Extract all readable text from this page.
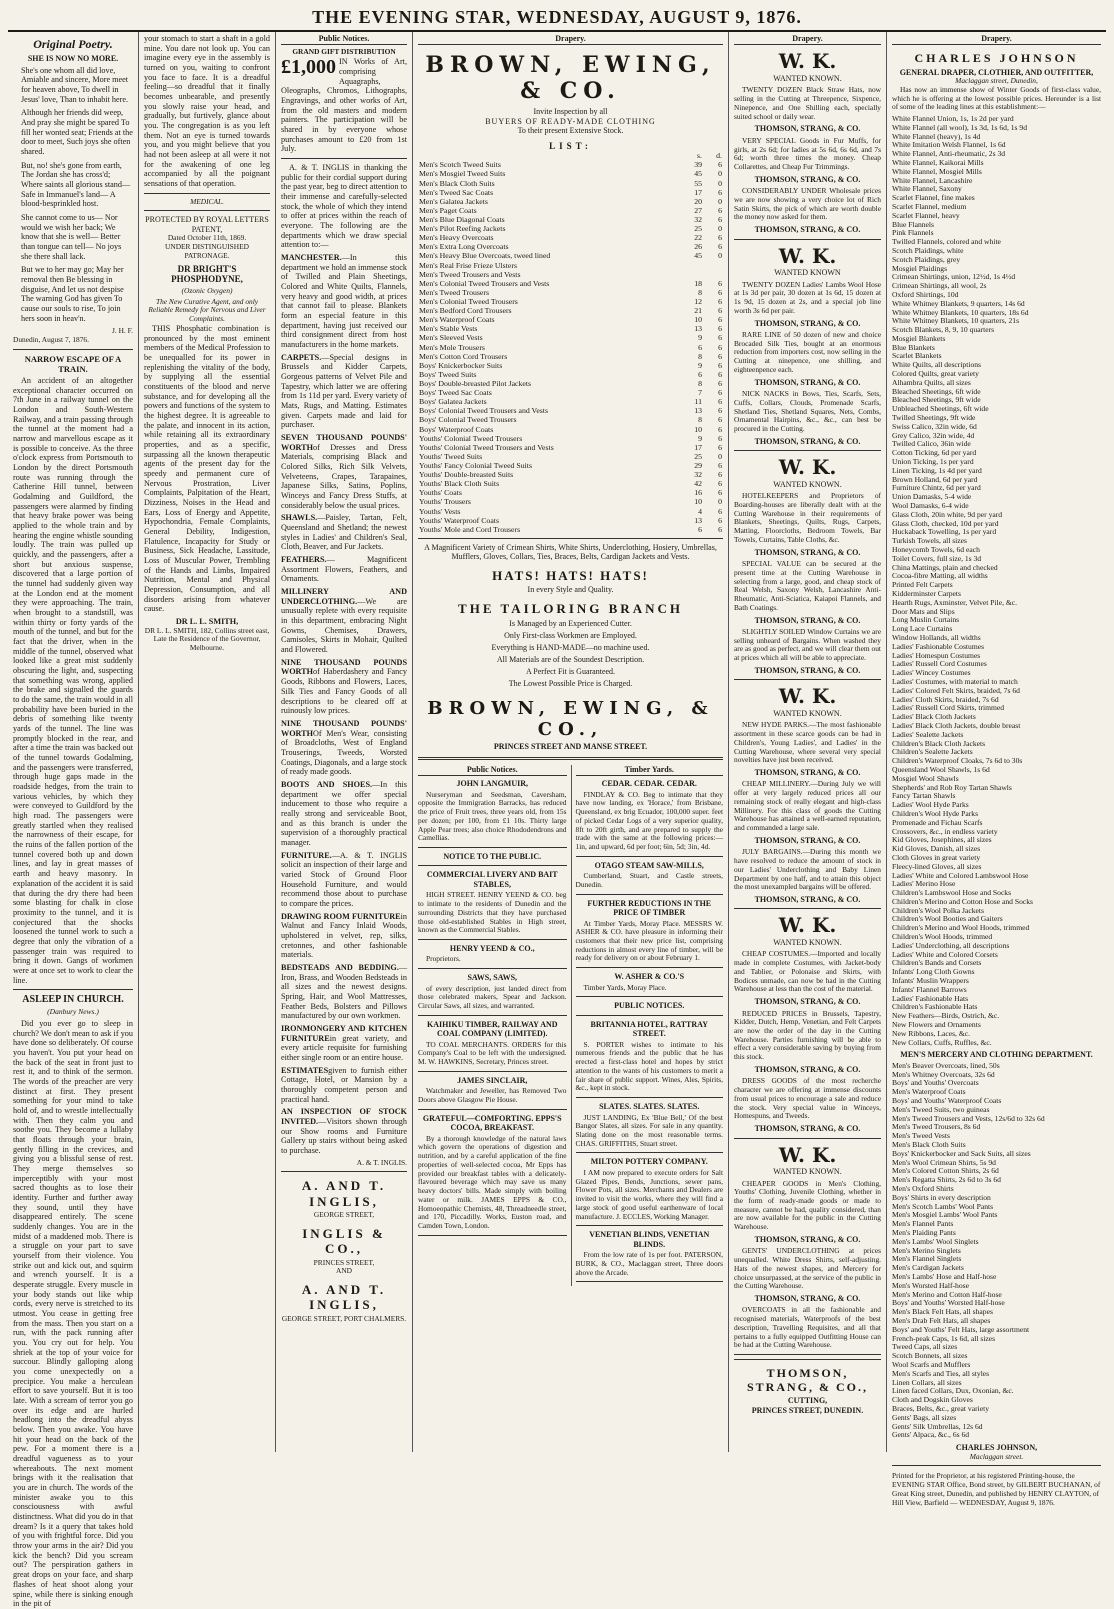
THE EVENING STAR, WEDNESDAY, AUGUST 9, 1876.
Original Poetry.
SHE IS NOW NO MORE.

She's one whom all did love, Amiable and sincere, More meet for heaven above, To dwell in Jesus' love, Than to inhabit here.

Although her friends did weep, And pray she might be spared To fill her wonted seat; Friends at the door to meet, Such joys she often shared.

But, no! she's gone from earth, The Jordan she has cross'd; Where saints all glorious stand— Safe in Immanuel's land— A blood-besprinkled host.

She cannot come to us— Nor would we wish her back; We know that she is well— Better than tongue can tell— No joys she there shall lack.

But we to her may go; May her removal then Be blessing in disguise, And let us not despise The warning God has given To cause our souls to rise, To join hers soon in heav'n.

J. H. F.
Dunedin, August 7, 1876.
NARROW ESCAPE OF A TRAIN.

An accident of an altogether exceptional character occurred on 7th June in a railway tunnel on the London and South-Western Railway, and a train passing through the tunnel at the moment had a narrow and marvellous escape as it is possible to conceive. As the three o'clock express from Portsmouth to London by the direct Portsmouth route was running through the Catherine Hill tunnel, between Godalming and Guildford, the passengers were alarmed by finding that heavy brake power was being applied to the whole train and by hearing the engine whistle sounding loudly. The train was pulled up quickly, and the passengers, after a short but anxious suspense, discovered that a large portion of the tunnel had suddenly given way at the London end at the moment they were approaching. The train, when brought to a standstill, was within thirty or forty yards of the mouth of the tunnel, and but for the fact that the driver, when in the middle of the tunnel, observed what looked like a great mist suddenly obscuring the light, and, suspecting that something was wrong, applied the brake and signalled the guards to do the same, the train would in all probability have been buried in the debris of something like twenty yards of the tunnel. The line was promptly blocked in the rear, and after a time the train was backed out of the tunnel towards Godalming, and the passengers were transferred, through huge gaps made in the roadside hedges, from the train to various vehicles, by which they were conveyed to Guildford by the high road. The passengers were greatly startled when they realised the narrowness of their escape, for the ruins of the fallen portion of the tunnel covered both up and down lines, and lay in great masses of earth and heavy masonry. In explanation of the accident it is said that during the dry there had been some blasting for chalk in close proximity to the tunnel, and it is conjectured that the shocks loosened the tunnel work to such a degree that only the vibration of a passenger train was required to bring it down. Gangs of workmen were at once set to work to clear the line.

ASLEEP IN CHURCH.
(Danbury News.)

Did you ever go to sleep in church? We don't mean to ask if you have done so deliberately. Of course you haven't. You put your head on the back of the seat in front just to rest it, and to think of the sermon. The words of the preacher are very distinct at first. They present something for your mind to take hold of, and to wrestle intellectually with. Then they calm you and soothe you. They become a lullaby that floats through your brain, gently filling in the crevices, and giving you a blissful sense of rest. They merge themselves so imperceptibly with your most sacred thoughts as to lose their identity. Further and further away they sound, until they have disappeared entirely. The scene suddenly changes. You are in the midst of a maddened mob. There is a struggle on your part to save yourself from their violence. You strike out and kick out, and squirm and wrench yourself. It is a desperate struggle. Every muscle in your body stands out like whip cords, every nerve is stretched to its utmost. You cease in getting free from the mass. Then you start on a run, with the pack running after you. You cry out for help. You shriek at the top of your voice for succour. Blindly galloping along you come unexpectedly on a precipice. You make a herculean effort to save yourself. But it is too late. With a scream of terror you go over its edge and are hurled headlong into the dreadful abyss below. Then you awake. You have hit your head on the back of the pew. For a moment there is a dreadful vagueness as to your whereabouts. The next moment brings with it the realisation that you are in church. The words of the minister awake you to this consciousness with awful distinctness. What did you do in that dream? Is it a query that takes hold of you with frightful force. Did you throw your arms in the air? Did you kick the bench? Did you scream out? The perspiration gathers in great drops on your face, and sharp flashes of heat shoot along your spine, while there is sinking enough in the pit of

your stomach to start a shaft in a gold mine. You dare not look up. You can imagine every eye in the assembly is turned on you, waiting to confront you face to face. It is a dreadful feeling—so dreadful that it finally becomes unbearable, and presently you slowly raise your head, and gradually, but furtively, glance about you. The congregation is as you left them. Not an eye is turned towards you, and you might believe that you had not been asleep at all were it not for the awakening of one leg accompanied by all the poignant sensations of that operation.

MEDICAL.
PROTECTED BY ROYAL LETTERS PATENT,
Dated October 11th, 1869.
UNDER DISTINGUISHED PATRONAGE.
DR BRIGHT'S PHOSPHODYNE,
(Ozonic Oxygen)
The New Curative Agent, and only Reliable Remedy for Nervous and Liver Complaints.

THIS Phosphatic combination is pronounced by the most eminent members of the Medical Profession to be unequalled for its power in replenishing the vitality of the body, by supplying all the essential constituents of the blood and nerve substance, and for developing all the powers and functions of the system to the highest degree. It is agreeable to the palate, and innocent in its action, while retaining all its extraordinary properties, and as a specific, surpassing all the known therapeutic agents of the present day for the speedy and permanent cure of Nervous Prostration, Liver Complaints, Palpitation of the Heart, Dizziness, Noises in the Head and Ears, Loss of Energy and Appetite, Hypochondria, Female Complaints, General Debility, Indigestion, Flatulence, Incapacity for Study or Business, Sick Headache, Lassitude, Loss of Muscular Power, Trembling of the Hands and Limbs, Impaired Nutrition, Mental and Physical Depression, Consumption, and all disorders arising from whatever cause.

DR L. L. SMITH,
DR L. L. SMITH, 182, Collins street east, Late the Residence of the Governor, Melbourne.
Public Notices.
GRAND GIFT DISTRIBUTION
£1,000 IN Works of Art, comprising Aquagraphs, Oleographs, Chromos, Lithographs, Engravings, and other works of Art, from the old masters and modern painters. The participation will be shared in by everyone whose purchases amount to £20 from 1st July.

A. & T. INGLIS in thanking the public for their cordial support during the past year, beg to direct attention to their immense and carefully-selected stock, the whole of which they intend to offer at prices within the reach of everyone. The following are the departments which we draw special attention to:—

MANCHESTER.—In this department we hold an immense stock of Twilled and Plain Sheetings, Colored and White Quilts, Flannels, very heavy and good width, at prices that cannot fail to please. Blankets form an especial feature in this department, having just received our third consignment direct from host manufacturers in the home markets.

CARPETS.—Special designs in Brussels and Kidder Carpets, Gorgeous patterns of Velvet Pile and Tapestry, which latter we are offering from 1s 11d per yard. Every variety of Mats, Rugs, and Matting. Estimates given. Carpets made and laid for purchaser.

SEVEN THOUSAND POUNDS' WORTHof Dresses and Dress Materials, comprising Black and Colored Silks, Rich Silk Velvets, Velveteens, Crapes, Tarapaines, Japanese Silks, Satins, Poplins, Winceys and Fancy Dress Stuffs, at considerably below the usual prices.

SHAWLS.—Paisley, Tartan, Felt, Queensland and Shetland; the newest styles in Ladies' and Children's Seal, Cloth, Beaver, and Fur Jackets.

FEATHERS.— Magnificent Assortment Flowers, Feathers, and Ornaments.

MILLINERY AND UNDERCLOTHING.—We are unusually replete with every requisite in this department, embracing Night Gowns, Chemises, Drawers, Camisoles, Skirts in Mohair, Quilted and Flowered.

NINE THOUSAND POUNDS WORTHof Haberdashery and Fancy Goods, Ribbons and Flowers, Laces, Silk Ties and Fancy Goods of all descriptions to be cleared off at ruinously low prices.

NINE THOUSAND POUNDS' WORTHOf Men's Wear, consisting of Broadcloths, West of England Trouserings, Tweeds, Worsted Coatings, Diagonals, and a large stock of ready made goods.

BOOTS AND SHOES.—In this department we offer special inducement to those who require a really strong and serviceable Boot, and as this branch is under the supervision of a thoroughly practical manager.

FURNITURE.—A. & T. INGLIS solicit an inspection of their large and varied Stock of Ground Floor Household Furniture, and would recommend those about to purchase to compare the prices.

DRAWING ROOM FURNITUREin Walnut and Fancy Inlaid Woods, upholstered in velvet, rep, silks, cretonnes, and other fashionable materials.

BEDSTEADS AND BEDDING.— Iron, Brass, and Wooden Bedsteads in all sizes and the newest designs. Spring, Hair, and Wool Mattresses, Feather Beds, Bolsters and Pillows manufactured by our own workmen.

IRONMONGERY AND KITCHEN FURNITUREin great variety, and every article requisite for furnishing either single room or an entire house.

ESTIMATESgiven to furnish either Cottage, Hotel, or Mansion by a thoroughly competent person and practical hand.

AN INSPECTION OF STOCK INVITED.—Visitors shown through our Show rooms and Furniture Gallery up stairs without being asked to purchase.

A. & T. INGLIS.
A. AND T. INGLIS,
GEORGE STREET,
INGLIS & CO.,
PRINCES STREET,
AND
A. AND T. INGLIS,
GEORGE STREET, PORT CHALMERS.
Drapery.
BROWN, EWING, & CO.
Invite Inspection by all
BUYERS OF READY-MADE CLOTHING
To their present Extensive Stock.
LIST:
	s.	d.
Men's Scotch Tweed Suits	39	6
Men's Mosgiel Tweed Suits	45	0
Men's Black Cloth Suits	55	0
Men's Tweed Sac Coats	17	6
Men's Galatea Jackets	20	0
Men's Paget Coats	27	6
Men's Blue Diagonal Coats	32	6
Men's Pilot Reefing Jackets	25	0
Men's Heavy Overcoats	22	6
Men's Extra Long Overcoats	26	6
Men's Heavy Blue Overcoats, tweed lined	45	0
Men's Real Frise Frieze Ulsters		
Men's Tweed Trousers and Vests		
Men's Colonial Tweed Trousers and Vests	18	6
Men's Tweed Trousers	8	6
Men's Colonial Tweed Trousers	12	6
Men's Bedford Cord Trousers	21	6
Men's Waterproof Coats	10	6
Men's Stable Vests	13	6
Men's Sleeved Vests	9	6
Men's Mole Trousers	6	6
Men's Cotton Cord Trousers	8	6
Boys' Knickerbocker Suits	9	6
Boys' Tweed Suits	6	6
Boys' Double-breasted Pilot Jackets	8	6
Boys' Tweed Sac Coats	7	6
Boys' Galatea Jackets	11	6
Boys' Colonial Tweed Trousers and Vests	13	6
Boys' Colonial Tweed Trousers	8	6
Boys' Waterproof Coats	10	6
Youths' Colonial Tweed Trousers	9	6
Youths' Colonial Tweed Trousers and Vests	17	6
Youths' Tweed Suits	25	0
Youths' Fancy Colonial Tweed Suits	29	6
Youths' Double-breasted Suits	32	6
Youths' Black Cloth Suits	42	6
Youths' Coats	16	6
Youths' Trousers	10	0
Youths' Vests	4	6
Youths' Waterproof Coats	13	6
Youths' Mole and Cord Trousers	6	6
A Magnificent Variety of Crimean Shirts, White Shirts, Underclothing, Hosiery, Umbrellas, Mufflers, Gloves, Collars, Ties, Braces, Belts, Cardigan Jackets and Vests.
HATS! HATS! HATS!
In every Style and Quality.
THE TAILORING BRANCH
Is Managed by an Experienced Cutter.
Only First-class Workmen are Employed.
Everything is HAND-MADE—no machine used.
All Materials are of the Soundest Description.
A Perfect Fit is Guaranteed.
The Lowest Possible Price is Charged.
BROWN, EWING, & CO.,
PRINCES STREET AND MANSE STREET.
Public Notices.
JOHN LANGMUIR,

Nurseryman and Seedsman, Caversham, opposite the Immigration Barracks, has reduced the price of Fruit trees, three years old, from 15s per dozen; per 100, from £1 10s. Thirty large Apple Pear trees; also choice Rhododendrons and Camellias.

NOTICE TO THE PUBLIC.
COMMERCIAL LIVERY AND BAIT STABLES,

HIGH STREET. HENRY YEEND & CO. beg to intimate to the residents of Dunedin and the surrounding Districts that they have purchased those old-established Stables in High street, known as the Commercial Stables.

HENRY YEEND & CO.,

Proprietors.

SAWS, SAWS,

of every description, just landed direct from those celebrated makers, Spear and Jackson. Circular Saws, all sizes, and warranted.

KAIHIKU TIMBER, RAILWAY AND COAL COMPANY (LIMITED).

TO COAL MERCHANTS. ORDERS for this Company's Coal to be left with the undersigned. M. W. HAWKINS, Secretary, Princes street.

JAMES SINCLAIR,

Watchmaker and Jeweller, has Removed Two Doors above Glasgow Pie House.

GRATEFUL—COMFORTING. EPPS'S COCOA, BREAKFAST.

By a thorough knowledge of the natural laws which govern the operations of digestion and nutrition, and by a careful application of the fine properties of well-selected cocoa, Mr Epps has provided our breakfast tables with a delicately-flavoured beverage which may save us many heavy doctors' bills. Made simply with boiling water or milk. JAMES EPPS & CO., Homoeopathic Chemists, 48, Threadneedle street, and 170, Piccadilly. Works, Euston road, and Camden Town, London.

Timber Yards.
CEDAR. CEDAR. CEDAR.

FINDLAY & CO. Beg to intimate that they have now landing, ex 'Horace,' from Brisbane, Queensland, ex brig Ecuador, 100,000 super. feet of picked Cedar Logs of a very superior quality, 8ft to 20ft girth, and are prepared to supply the trade with the same at the following prices:— 1in, and upward, 6d per foot; 6in, 5d; 3in, 4d.

OTAGO STEAM SAW-MILLS,

Cumberland, Stuart, and Castle streets, Dunedin.

FURTHER REDUCTIONS IN THE PRICE OF TIMBER

At Timber Yards, Moray Place. MESSRS W. ASHER & CO. have pleasure in informing their customers that their new price list, comprising reductions in almost every line of timber, will be ready for delivery on or about February 1.

W. ASHER & CO.'S

Timber Yards, Moray Place.

PUBLIC NOTICES.
BRITANNIA HOTEL, RATTRAY STREET.

S. PORTER wishes to intimate to his numerous friends and the public that he has erected a first-class hotel and hopes by strict attention to the wants of his customers to merit a fair share of public support. Wines, Ales, Spirits, &c., kept in stock.

SLATES. SLATES. SLATES.

JUST LANDING, Ex 'Blue Bell,' Of the best Bangor Slates, all sizes. For sale in any quantity. Slating done on the most reasonable terms. CHAS. GRIFFITHS, Stuart street.

MILTON POTTERY COMPANY.

I AM now prepared to execute orders for Salt Glazed Pipes, Bends, Junctions, sewer pans, Flower Pots, all sizes. Merchants and Dealers are invited to visit the works, where they will find a large stock of good useful earthenware of local manufacture. J. ECCLES, Working Manager.

VENETIAN BLINDS, VENETIAN BLINDS.

From the low rate of 1s per foot. PATERSON, BURK, & CO., Maclaggan street, Three doors above the Arcade.

Drapery.
W. K.
WANTED KNOWN.

TWENTY DOZEN Black Straw Hats, now selling in the Cutting at Threepence, Sixpence, Ninepence, and One Shilling each, specially suited school or daily wear.

THOMSON, STRANG, & CO.

VERY SPECIAL Goods in Fur Muffs, for girls, at 2s 6d; for ladies at 5s 6d, 6s 6d, and 7s 6d; worth three times the money. Cheap Collarettes, and Cheap Fur Trimmings.

THOMSON, STRANG, & CO.

CONSIDERABLY UNDER Wholesale prices we are now showing a very choice lot of Rich Satin Skirts, the pick of which are worth double the money now asked for them.

THOMSON, STRANG, & CO.
W. K.
WANTED KNOWN

TWENTY DOZEN Ladies' Lambs Wool Hose at 1s 3d per pair, 30 dozen at 1s 6d, 15 dozen at 1s 9d, 15 dozen at 2s, and a special job line worth 3s 6d per pair.

THOMSON, STRANG, & CO.

RARE LINE of 50 dozen of new and choice Brocaded Silk Ties, bought at an enormous reduction from importers cost, now selling in the Cutting at ninepence, one shilling, and eighteenpence each.

THOMSON, STRANG, & CO.

NICK NACKS in Bows, Ties, Scarfs, Sets, Cuffs, Collars, Clouds, Promenade Scarfs, Shetland Ties, Shetland Squares, Nets, Combs, Ornamental Hairpins, &c., &c., can best be procured in the Cutting.

THOMSON, STRANG, & CO.
W. K.
WANTED KNOWN.

HOTELKEEPERS and Proprietors of Boarding-houses are liberally dealt with at the Cutting Warehouse in their requirements of Blankets, Sheetings, Quilts, Rugs, Carpets, Matting, Floorcloths, Bedroom Towels, Bar Towels, Curtains, Table Cloths, &c.

THOMSON, STRANG, & CO.

SPECIAL VALUE can be secured at the present time at the Cutting Warehouse in selecting from a large, good, and cheap stock of Real Welsh, Saxony Welsh, Lancashire Anti-Rheumatic, Anti-Sciatica, Kaiapoi Flannels, and Bath Coatings.

THOMSON, STRANG, & CO.

SLIGHTLY SOILED Window Curtains we are selling unheard of Bargains. When washed they are as good as perfect, and we will clear them out at prices which all will be able to appreciate.

THOMSON, STRANG, & CO.
W. K.
WANTED KNOWN.

NEW HYDE PARKS.—The most fashionable assortment in these scarce goods can be had in Children's, Young Ladies', and Ladies' in the Cutting Warehouse, where several very special novelties have just been received.

THOMSON, STRANG, & CO.

CHEAP MILLINERY.—During July we will offer at very largely reduced prices all our remaining stock of really elegant and high-class Millinery. For this class of goods the Cutting Warehouse has attained a well-earned reputation, and commanded a large sale.

THOMSON, STRANG, & CO.

JULY BARGAINS.—During this month we have resolved to reduce the amount of stock in our Ladies' Underclothing and Baby Linen Department by one half, and to attain this object the most unexampled bargains will be offered.

THOMSON, STRANG, & CO.
W. K.
WANTED KNOWN.

CHEAP COSTUMES.—Imported and locally made in complete Costumes, with Jacket-body and Tablier, or Polonaise and Skirts, with Bodices unmade, can now be had in the Cutting Warehouse at less than the cost of the material.

THOMSON, STRANG, & CO.

REDUCED PRICES in Brussels, Tapestry, Kidder, Dutch, Hemp, Venetian, and Felt Carpets are now the order of the day in the Cutting Warehouse. Parties furnishing will be able to effect a very considerable saving by buying from this stock.

THOMSON, STRANG, & CO.

DRESS GOODS of the most recherche character we are offering at immense discounts from usual prices to encourage a sale and reduce the stock. Very special value in Winceys, Homespuns, and Tweeds.

THOMSON, STRANG, & CO.
W. K.
WANTED KNOWN.

CHEAPER GOODS in Men's Clothing, Youths' Clothing, Juvenile Clothing, whether in the form of ready-made goods or made to measure, cannot be had, quality considered, than are now available for the public in the Cutting Warehouse.

THOMSON, STRANG, & CO.

GENTS' UNDERCLOTHING at prices unequalled. White Dress Shirts, self-adjusting. Hats of the newest shapes, and Mercery for choice unsurpassed, at the service of the public in the Cutting Warehouse.

THOMSON, STRANG, & CO.

OVERCOATS in all the fashionable and recognised materials, Waterproofs of the best description, Travelling Requisites, and all that pertains to a fully equipped Outfitting House can be had at the Cutting Warehouse.

THOMSON, STRANG, & CO.,
CUTTING,
PRINCES STREET, DUNEDIN.
Drapery.
CHARLES JOHNSON
GENERAL DRAPER, CLOTHIER, AND OUTFITTER,
Maclaggan street, Dunedin,

Has now an immense show of Winter Goods of first-class value, which he is offering at the lowest possible prices. Hereunder is a list of some of the leading lines at this establishment:—

White Flannel Union, 1s, 1s 2d per yard
White Flannel (all wool), 1s 3d, 1s 6d, 1s 9d
White Flannel (heavy), 1s 4d
White Imitation Welsh Flannel, 1s 6d
White Flannel, Anti-rheumatic, 2s 3d
White Flannel, Kaikorai Mills
White Flannel, Mosgiel Mills
White Flannel, Lancashire
White Flannel, Saxony
Scarlet Flannel, fine makes
Scarlet Flannel, medium
Scarlet Flannel, heavy
Blue Flannels
Pink Flannels
Twilled Flannels, colored and white
Scotch Plaidings, white
Scotch Plaidings, grey
Mosgiel Plaidings
Crimean Shirtings, union, 12½d, 1s 4½d
Crimean Shirtings, all wool, 2s
Oxford Shirtings, 10d
White Whitney Blankets, 9 quarters, 14s 6d
White Whitney Blankets, 10 quarters, 18s 6d
White Whitney Blankets, 10 quarters, 21s
Scotch Blankets, 8, 9, 10 quarters
Mosgiel Blankets
Blue Blankets
Scarlet Blankets
White Quilts, all descriptions
Colored Quilts, great variety
Alhambra Quilts, all sizes
Bleached Sheetings, 6ft wide
Bleached Sheetings, 9ft wide
Unbleached Sheetings, 6ft wide
Twilled Sheetings, 9ft wide
Swiss Calico, 32in wide, 6d
Grey Calico, 32in wide, 4d
Twilled Calico, 36in wide
Cotton Ticking, 6d per yard
Union Ticking, 1s per yard
Linen Ticking, 1s 4d per yard
Brown Holland, 6d per yard
Furniture Chintz, 6d per yard
Union Damasks, 5-4 wide
Wool Damasks, 6-4 wide
Glass Cloth, 20in white, 9d per yard
Glass Cloth, checked, 10d per yard
Huckaback Towelling, 1s per yard
Turkish Towels, all sizes
Honeycomb Towels, 6d each
Toilet Covers, full size, 1s 3d
China Mattings, plain and checked
Cocoa-fibre Matting, all widths
Printed Felt Carpets
Kidderminster Carpets
Hearth Rugs, Axminster, Velvet Pile, &c.
Door Mats and Slips
Long Muslin Curtains
Long Lace Curtains
Window Hollands, all widths
Ladies' Fashionable Costumes
Ladies' Homespun Costumes
Ladies' Russell Cord Costumes
Ladies' Wincey Costumes
Ladies' Costumes, with material to match
Ladies' Colored Felt Skirts, braided, 7s 6d
Ladies' Cloth Skirts, braided, 7s 6d
Ladies' Russell Cord Skirts, trimmed
Ladies' Black Cloth Jackets
Ladies' Black Cloth Jackets, double breast
Ladies' Sealette Jackets
Children's Black Cloth Jackets
Children's Sealette Jackets
Children's Waterproof Cloaks, 7s 6d to 30s
Queensland Wool Shawls, 1s 6d
Mosgiel Wool Shawls
Shepherds' and Rob Roy Tartan Shawls
Fancy Tartan Shawls
Ladies' Wool Hyde Parks
Children's Wool Hyde Parks
Promenade and Fichau Scarfs
Crossovers, &c., in endless variety
Kid Gloves, Josephines, all sizes
Kid Gloves, Danish, all sizes
Cloth Gloves in great variety
Fleecy-lined Gloves, all sizes
Ladies' White and Colored Lambswool Hose
Ladies' Merino Hose
Children's Lambswool Hose and Socks
Children's Merino and Cotton Hose and Socks
Children's Wool Polka Jackets
Children's Wool Booties and Gaiters
Children's Merino and Wool Hoods, trimmed
Children's Wool Hoods, trimmed
Ladies' Underclothing, all descriptions
Ladies' White and Colored Corsets
Children's Bands and Corsets
Infants' Long Cloth Gowns
Infants' Muslin Wrappers
Infants' Flannel Barrows
Ladies' Fashionable Hats
Children's Fashionable Hats
New Feathers—Birds, Ostrich, &c.
New Flowers and Ornaments
New Ribbons, Laces, &c.
New Collars, Cuffs, Ruffles, &c.
MEN'S MERCERY AND CLOTHING DEPARTMENT.
Men's Beaver Overcoats, lined, 50s
Men's Whitney Overcoats, 32s 6d
Boys' and Youths' Overcoats
Men's Waterproof Coats
Boys' and Youths' Waterproof Coats
Men's Tweed Suits, two guineas
Men's Tweed Trousers and Vests, 12s/6d to 32s 6d
Men's Tweed Trousers, 8s 6d
Men's Tweed Vests
Men's Black Cloth Suits
Boys' Knickerbocker and Sack Suits, all sizes
Men's Wool Crimean Shirts, 5s 9d
Men's Colored Cotton Shirts, 2s 6d
Men's Regatta Shirts, 2s 6d to 3s 6d
Men's Oxford Shirts
Boys' Shirts in every description
Men's Scotch Lambs' Wool Pants
Men's Mosgiel Lambs' Wool Pants
Men's Flannel Pants
Men's Plaiding Pants
Men's Lambs' Wool Singlets
Men's Merino Singlets
Men's Flannel Singlets
Men's Cardigan Jackets
Men's Lambs' Hose and Half-hose
Men's Worsted Half-hose
Men's Merino and Cotton Half-hose
Boys' and Youths' Worsted Half-hose
Men's Black Felt Hats, all shapes
Men's Drab Felt Hats, all shapes
Boys' and Youths' Felt Hats, large assortment
French-peak Caps, 1s 6d, all sizes
Tweed Caps, all sizes
Scotch Bonnets, all sizes
Wool Scarfs and Mufflers
Men's Scarfs and Ties, all styles
Linen Collars, all sizes
Linen faced Collars, Dux, Oxonian, &c.
Cloth and Dogskin Gloves
Braces, Belts, &c., great variety
Gents' Bags, all sizes
Gents' Silk Umbrellas, 12s 6d
Gents' Alpaca, &c., 6s 6d
CHARLES JOHNSON,
Maclaggan street.
Printed for the Proprietor, at his registered Printing-house, the EVENING STAR Office, Bond street, by GILBERT BUCHANAN, of Great King street, Dunedin, and published by HENRY CLAYTON, of Hill View, Barfield — WEDNESDAY, August 9, 1876.
